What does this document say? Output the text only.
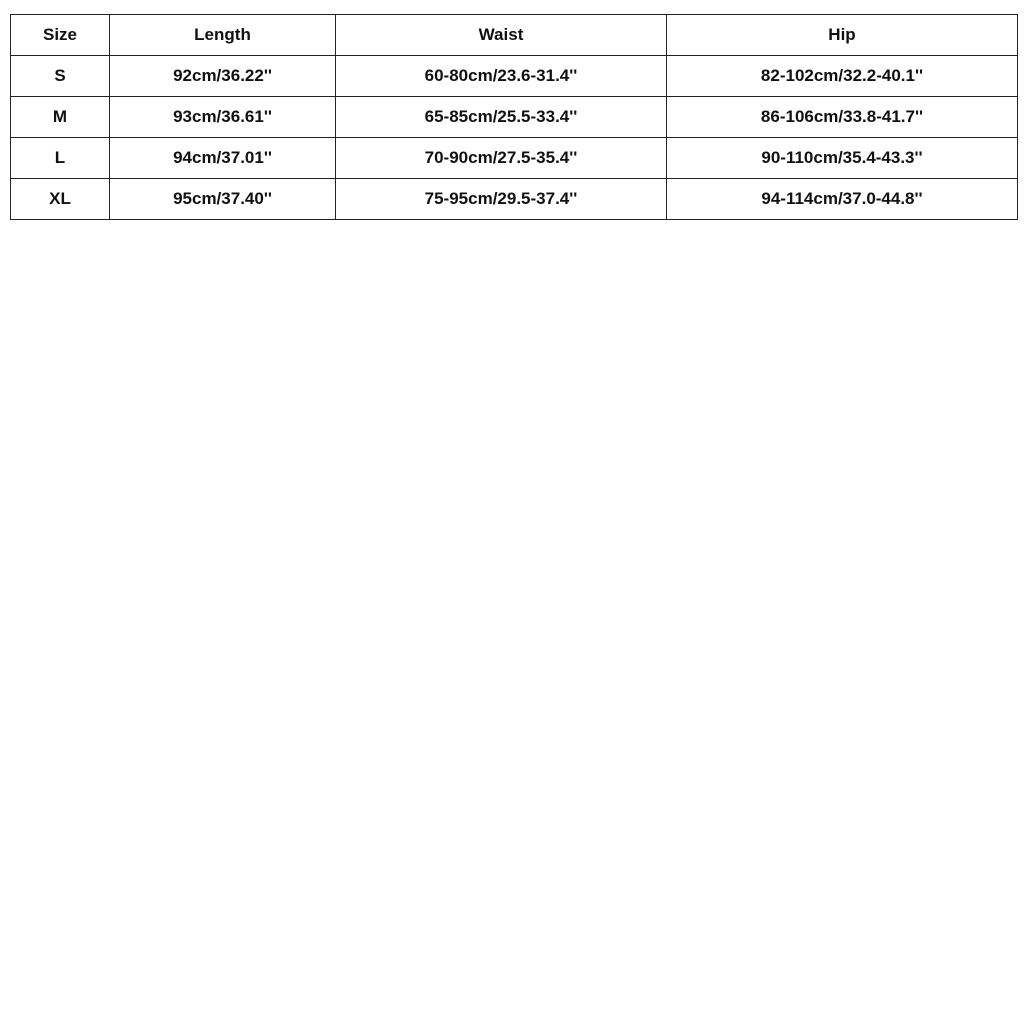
Size	Length	Waist	Hip
S	92cm/36.22''	60-80cm/23.6-31.4''	82-102cm/32.2-40.1''
M	93cm/36.61''	65-85cm/25.5-33.4''	86-106cm/33.8-41.7''
L	94cm/37.01''	70-90cm/27.5-35.4''	90-110cm/35.4-43.3''
XL	95cm/37.40''	75-95cm/29.5-37.4''	94-114cm/37.0-44.8''
